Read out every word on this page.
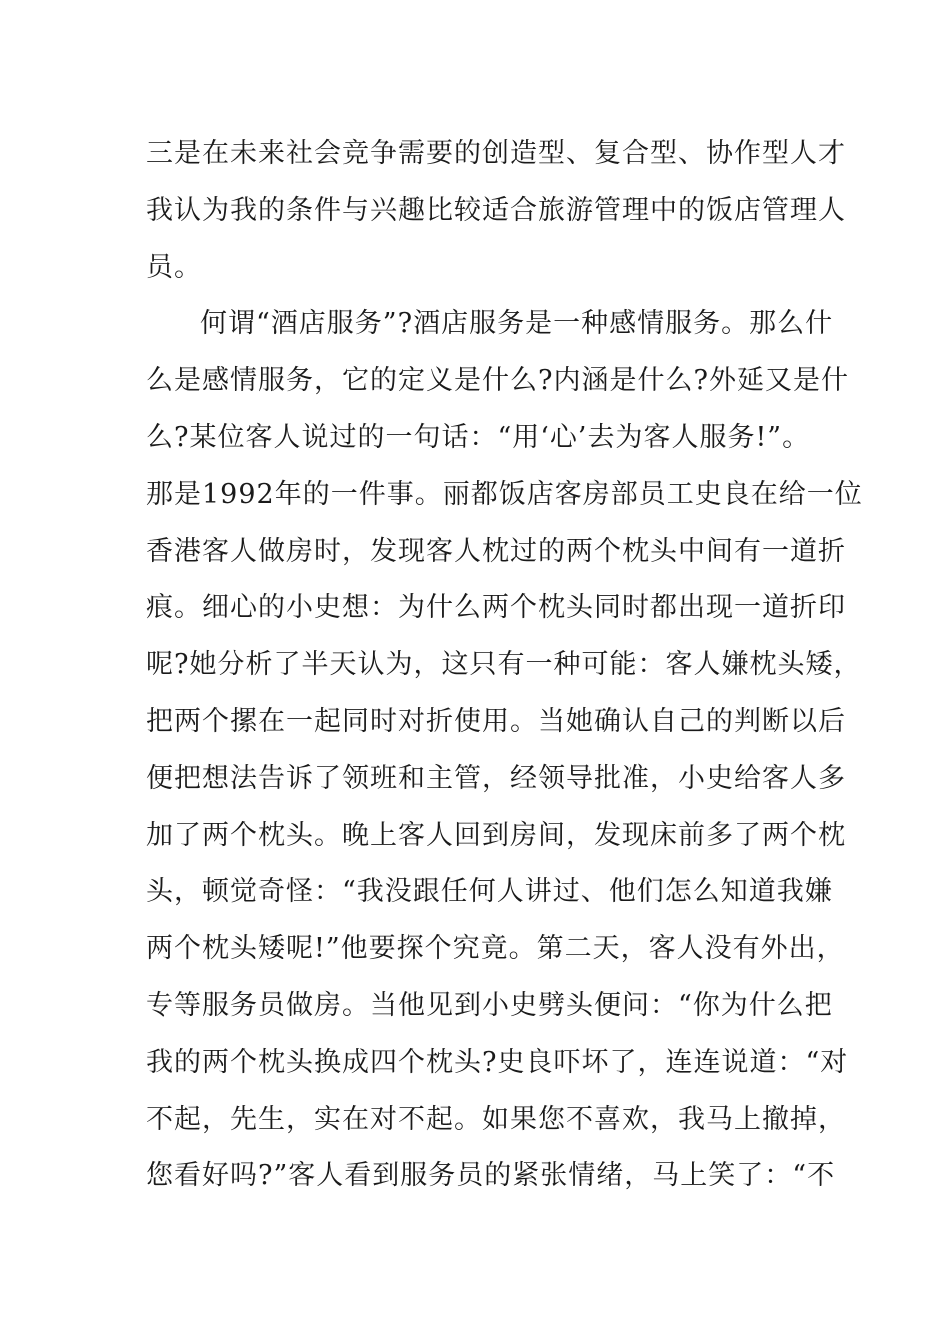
三是在未来社会竞争需要的创造型、复合型、协作型人才
我认为我的条件与兴趣比较适合旅游管理中的饭店管理人
员。
何谓“酒店服务”?酒店服务是一种感情服务。那么什
么是感情服务，它的定义是什么?内涵是什么?外延又是什
么?某位客人说过的一句话：“用‘心’去为客人服务!”。
那是1992年的一件事。丽都饭店客房部员工史良在给一位
香港客人做房时，发现客人枕过的两个枕头中间有一道折
痕。细心的小史想：为什么两个枕头同时都出现一道折印
呢?她分析了半天认为，这只有一种可能：客人嫌枕头矮，
把两个摞在一起同时对折使用。当她确认自己的判断以后
便把想法告诉了领班和主管，经领导批准，小史给客人多
加了两个枕头。晚上客人回到房间，发现床前多了两个枕
头，顿觉奇怪：“我没跟任何人讲过、他们怎么知道我嫌
两个枕头矮呢!”他要探个究竟。第二天，客人没有外出，
专等服务员做房。当他见到小史劈头便问：“你为什么把
我的两个枕头换成四个枕头?史良吓坏了，连连说道：“对
不起，先生，实在对不起。如果您不喜欢，我马上撤掉，
您看好吗?”客人看到服务员的紧张情绪，马上笑了：“不
